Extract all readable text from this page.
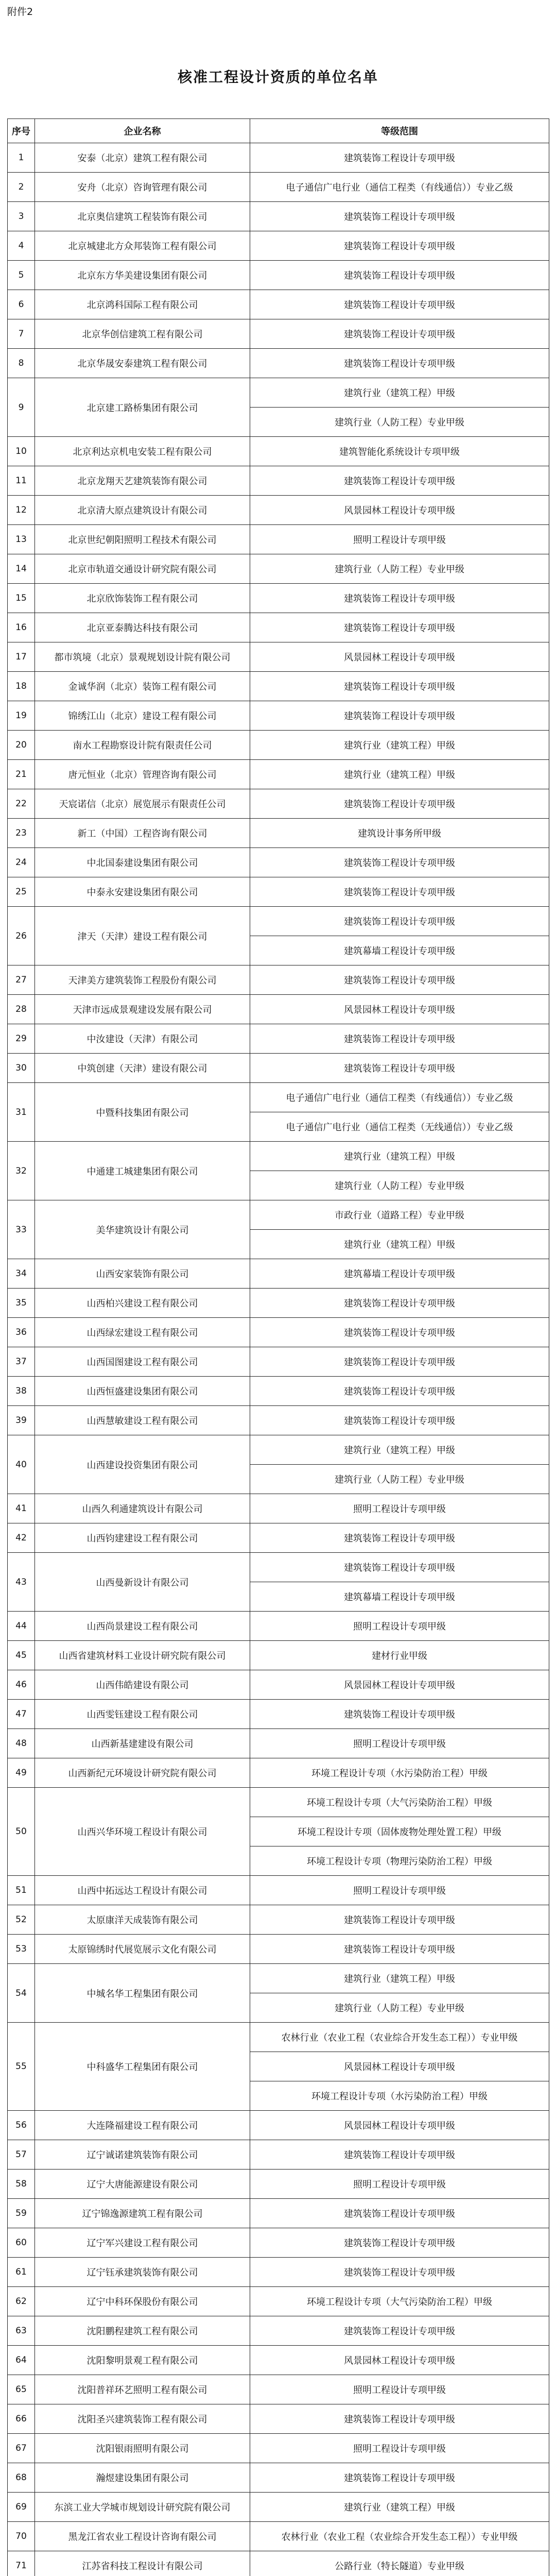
附件2
核准工程设计资质的单位名单
序号	企业名称	等级范围
1	安泰（北京）建筑工程有限公司	建筑装饰工程设计专项甲级
2	安舟（北京）咨询管理有限公司	电子通信广电行业（通信工程类（有线通信））专业乙级
3	北京奥信建筑工程装饰有限公司	建筑装饰工程设计专项甲级
4	北京城建北方众邦装饰工程有限公司	建筑装饰工程设计专项甲级
5	北京东方华美建设集团有限公司	建筑装饰工程设计专项甲级
6	北京鸿科国际工程有限公司	建筑装饰工程设计专项甲级
7	北京华创信建筑工程有限公司	建筑装饰工程设计专项甲级
8	北京华晟安泰建筑工程有限公司	建筑装饰工程设计专项甲级
9	北京建工路桥集团有限公司	建筑行业（建筑工程）甲级
		建筑行业（人防工程）专业甲级
10	北京利达京机电安装工程有限公司	建筑智能化系统设计专项甲级
11	北京龙翔天艺建筑装饰有限公司	建筑装饰工程设计专项甲级
12	北京清大原点建筑设计有限公司	风景园林工程设计专项甲级
13	北京世纪朝阳照明工程技术有限公司	照明工程设计专项甲级
14	北京市轨道交通设计研究院有限公司	建筑行业（人防工程）专业甲级
15	北京欣饰装饰工程有限公司	建筑装饰工程设计专项甲级
16	北京亚泰腾达科技有限公司	建筑装饰工程设计专项甲级
17	都市筑境（北京）景观规划设计院有限公司	风景园林工程设计专项甲级
18	金诚华润（北京）装饰工程有限公司	建筑装饰工程设计专项甲级
19	锦绣江山（北京）建设工程有限公司	建筑装饰工程设计专项甲级
20	南水工程勘察设计院有限责任公司	建筑行业（建筑工程）甲级
21	唐元恒业（北京）管理咨询有限公司	建筑行业（建筑工程）甲级
22	天宸诺信（北京）展览展示有限责任公司	建筑装饰工程设计专项甲级
23	新工（中国）工程咨询有限公司	建筑设计事务所甲级
24	中北国泰建设集团有限公司	建筑装饰工程设计专项甲级
25	中泰永安建设集团有限公司	建筑装饰工程设计专项甲级
26	津天（天津）建设工程有限公司	建筑装饰工程设计专项甲级
		建筑幕墙工程设计专项甲级
27	天津美方建筑装饰工程股份有限公司	建筑装饰工程设计专项甲级
28	天津市远成景观建设发展有限公司	风景园林工程设计专项甲级
29	中汝建设（天津）有限公司	建筑装饰工程设计专项甲级
30	中筑创建（天津）建设有限公司	建筑装饰工程设计专项甲级
31	中暨科技集团有限公司	电子通信广电行业（通信工程类（有线通信））专业乙级
		电子通信广电行业（通信工程类（无线通信））专业乙级
32	中通建工城建集团有限公司	建筑行业（建筑工程）甲级
		建筑行业（人防工程）专业甲级
33	美华建筑设计有限公司	市政行业（道路工程）专业甲级
		建筑行业（建筑工程）甲级
34	山西安家装饰有限公司	建筑幕墙工程设计专项甲级
35	山西柏兴建设工程有限公司	建筑装饰工程设计专项甲级
36	山西绿宏建设工程有限公司	建筑装饰工程设计专项甲级
37	山西国图建设工程有限公司	建筑装饰工程设计专项甲级
38	山西恒盛建设集团有限公司	建筑装饰工程设计专项甲级
39	山西慧敏建设工程有限公司	建筑装饰工程设计专项甲级
40	山西建设投资集团有限公司	建筑行业（建筑工程）甲级
		建筑行业（人防工程）专业甲级
41	山西久利通建筑设计有限公司	照明工程设计专项甲级
42	山西钧建建设工程有限公司	建筑装饰工程设计专项甲级
43	山西曼新设计有限公司	建筑装饰工程设计专项甲级
		建筑幕墙工程设计专项甲级
44	山西尚景建设工程有限公司	照明工程设计专项甲级
45	山西省建筑材料工业设计研究院有限公司	建材行业甲级
46	山西伟皓建设有限公司	风景园林工程设计专项甲级
47	山西雯钰建设工程有限公司	建筑装饰工程设计专项甲级
48	山西新基建建设有限公司	照明工程设计专项甲级
49	山西新纪元环境设计研究院有限公司	环境工程设计专项（水污染防治工程）甲级
50	山西兴华环境工程设计有限公司	环境工程设计专项（大气污染防治工程）甲级
		环境工程设计专项（固体废物处理处置工程）甲级
		环境工程设计专项（物理污染防治工程）甲级
51	山西中拓远达工程设计有限公司	照明工程设计专项甲级
52	太原康洋天成装饰有限公司	建筑装饰工程设计专项甲级
53	太原锦绣时代展览展示文化有限公司	建筑装饰工程设计专项甲级
54	中城名华工程集团有限公司	建筑行业（建筑工程）甲级
		建筑行业（人防工程）专业甲级
55	中科盛华工程集团有限公司	农林行业（农业工程（农业综合开发生态工程））专业甲级
		风景园林工程设计专项甲级
		环境工程设计专项（水污染防治工程）甲级
56	大连隆福建设工程有限公司	风景园林工程设计专项甲级
57	辽宁诚诺建筑装饰有限公司	建筑装饰工程设计专项甲级
58	辽宁大唐能源建设有限公司	照明工程设计专项甲级
59	辽宁锦逸源建筑工程有限公司	建筑装饰工程设计专项甲级
60	辽宁军兴建设工程有限公司	建筑装饰工程设计专项甲级
61	辽宁钰承建筑装饰有限公司	建筑装饰工程设计专项甲级
62	辽宁中科环保股份有限公司	环境工程设计专项（大气污染防治工程）甲级
63	沈阳鹏程建筑工程有限公司	建筑装饰工程设计专项甲级
64	沈阳黎明景观工程有限公司	风景园林工程设计专项甲级
65	沈阳普祥环艺照明工程有限公司	照明工程设计专项甲级
66	沈阳圣兴建筑装饰工程有限公司	建筑装饰工程设计专项甲级
67	沈阳银雨照明有限公司	照明工程设计专项甲级
68	瀚煜建设集团有限公司	建筑装饰工程设计专项甲级
69	东滨工业大学城市规划设计研究院有限公司	建筑行业（建筑工程）甲级
70	黑龙江省农业工程设计咨询有限公司	农林行业（农业工程（农业综合开发生态工程））专业甲级
71	江苏省科技工程设计有限公司	公路行业（特长隧道）专业甲级
